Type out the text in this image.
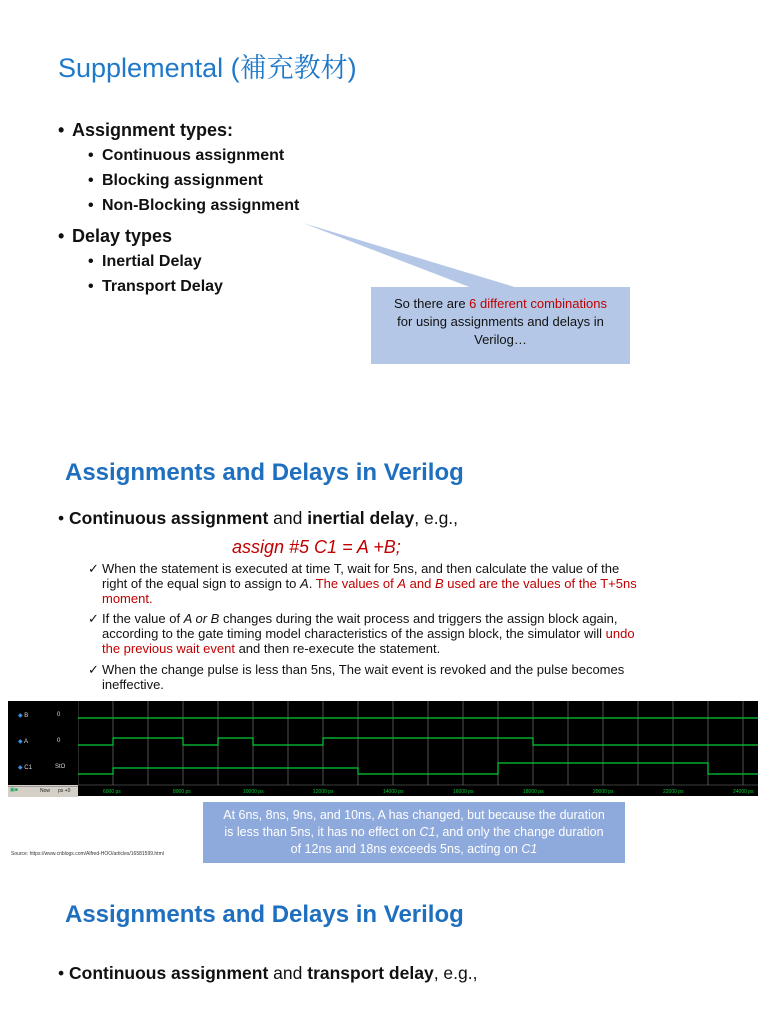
Supplemental (補充教材)
• Assignment types:
• Continuous assignment
• Blocking assignment
• Non-Blocking assignment
• Delay types
• Inertial Delay
• Transport Delay
So there are 6 different combinations
for using assignments and delays in
Verilog…
Assignments and Delays in Verilog
• Continuous assignment and inertial delay, e.g.,
assign #5 C1 = A +B;
✓ When the statement is executed at time T, wait for 5ns, and then calculate the value of the
right of the equal sign to assign to A. The values of A and B used are the values of the T+5ns
moment.
✓ If the value of A or B changes during the wait process and triggers the assign block again,
according to the gate timing model characteristics of the assign block, the simulator will undo
the previous wait event and then re-execute the statement.
✓ When the change pulse is less than 5ns, The wait event is revoked and the pulse becomes
ineffective.
◆ B	0
◆ A	0
◆ C1	StO
▣■	Now ps +0	6000 ps	8000 ps	10000 ps	12000 ps	14000 ps	16000 ps	18000 ps	20000 ps	22000 ps	24000 ps
At 6ns, 8ns, 9ns, and 10ns, A has changed, but because the duration
is less than 5ns, it has no effect on C1, and only the change duration
of 12ns and 18ns exceeds 5ns, acting on C1
Source: https://www.cnblogs.com/Alfred-HOO/articles/16581599.html
Assignments and Delays in Verilog
• Continuous assignment and transport delay, e.g.,
